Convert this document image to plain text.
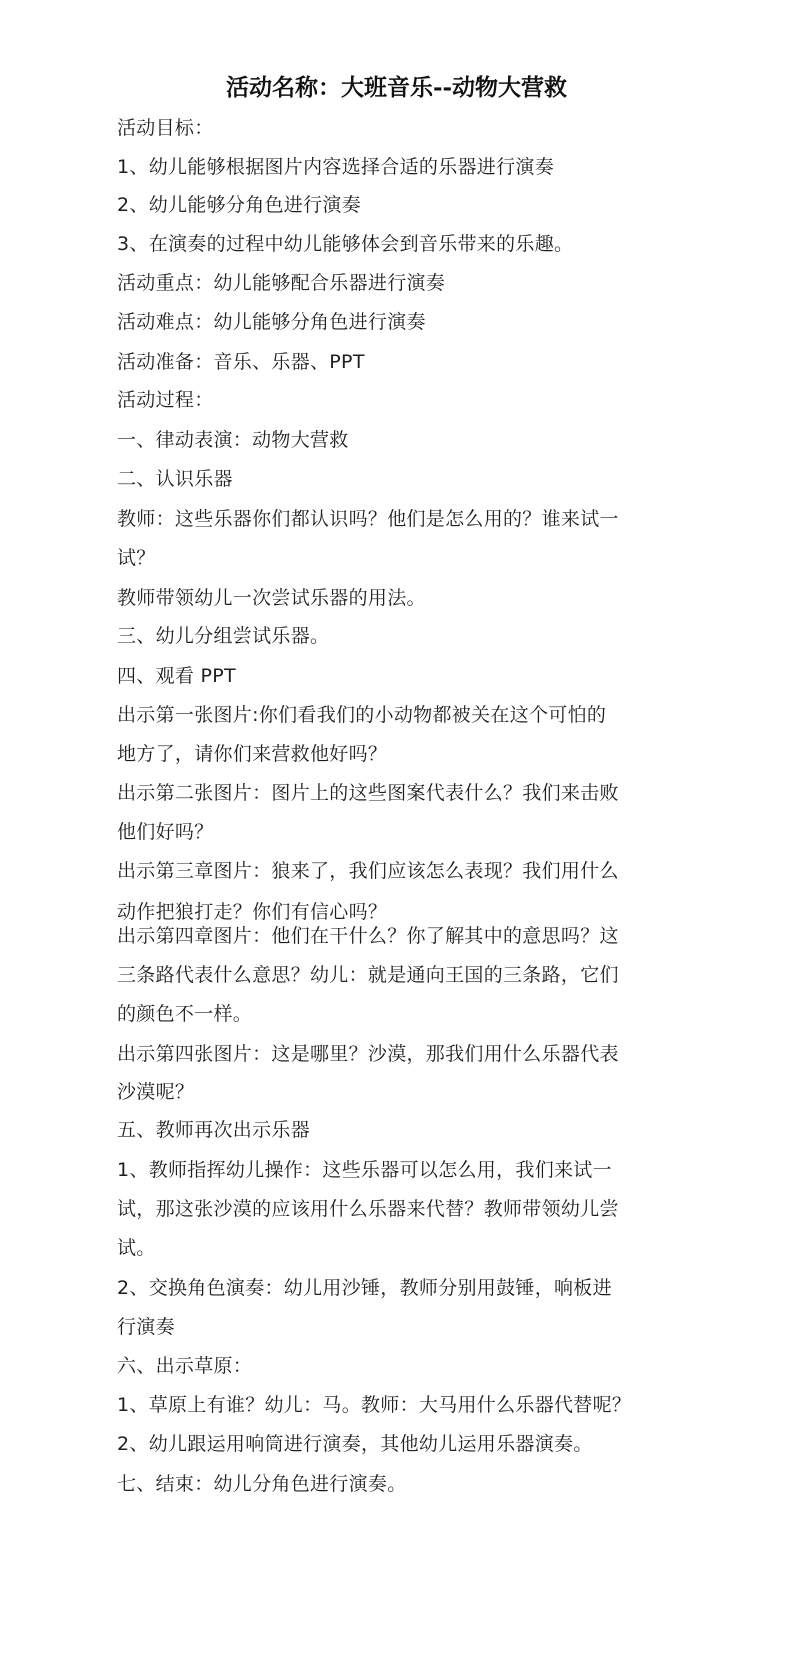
活动名称：大班音乐--动物大营救
活动目标：
1、幼儿能够根据图片内容选择合适的乐器进行演奏
2、幼儿能够分角色进行演奏
3、在演奏的过程中幼儿能够体会到音乐带来的乐趣。
活动重点：幼儿能够配合乐器进行演奏
活动难点：幼儿能够分角色进行演奏
活动准备：音乐、乐器、PPT
活动过程：
一、律动表演：动物大营救
二、认识乐器
教师：这些乐器你们都认识吗？他们是怎么用的？谁来试一
试？
教师带领幼儿一次尝试乐器的用法。
三、幼儿分组尝试乐器。
四、观看 PPT
出示第一张图片:你们看我们的小动物都被关在这个可怕的
地方了，请你们来营救他好吗？
出示第二张图片：图片上的这些图案代表什么？我们来击败
他们好吗？
出示第三章图片：狼来了，我们应该怎么表现？我们用什么
动作把狼打走？你们有信心吗？
出示第四章图片：他们在干什么？你了解其中的意思吗？这
三条路代表什么意思？幼儿：就是通向王国的三条路，它们
的颜色不一样。
出示第四张图片：这是哪里？沙漠，那我们用什么乐器代表
沙漠呢？
五、教师再次出示乐器
1、教师指挥幼儿操作：这些乐器可以怎么用，我们来试一
试，那这张沙漠的应该用什么乐器来代替？教师带领幼儿尝
试。
2、交换角色演奏：幼儿用沙锤，教师分别用鼓锤，响板进
行演奏
六、出示草原：
1、草原上有谁？幼儿：马。教师：大马用什么乐器代替呢？
2、幼儿跟运用响筒进行演奏，其他幼儿运用乐器演奏。
七、结束：幼儿分角色进行演奏。
